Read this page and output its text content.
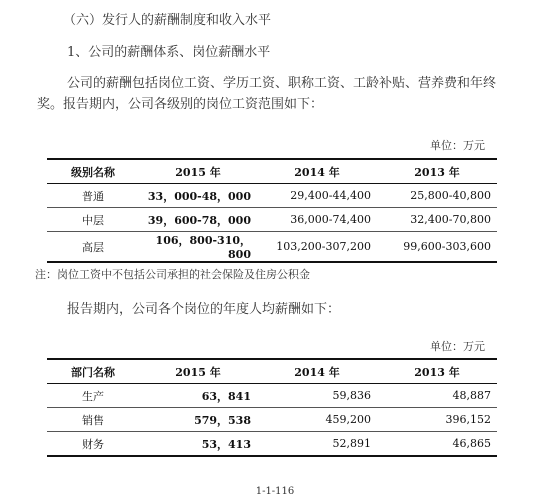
（六）发行人的薪酬制度和收入水平
1、公司的薪酬体系、岗位薪酬水平
公司的薪酬包括岗位工资、学历工资、职称工资、工龄补贴、营养费和年终
奖。报告期内，公司各级别的岗位工资范围如下：
单位：万元
级别名称	2015 年	2014 年	2013 年
普通	33，000-48，000	29,400-44,400	25,800-40,800
中层	39，600-78，000	36,000-74,400	32,400-70,800
高层	106，800-310，800	103,200-307,200	99,600-303,600
注：岗位工资中不包括公司承担的社会保险及住房公积金
报告期内，公司各个岗位的年度人均薪酬如下：
单位：万元
部门名称	2015 年	2014 年	2013 年
生产	63，841	59,836	48,887
销售	579，538	459,200	396,152
财务	53，413	52,891	46,865
1-1-116
